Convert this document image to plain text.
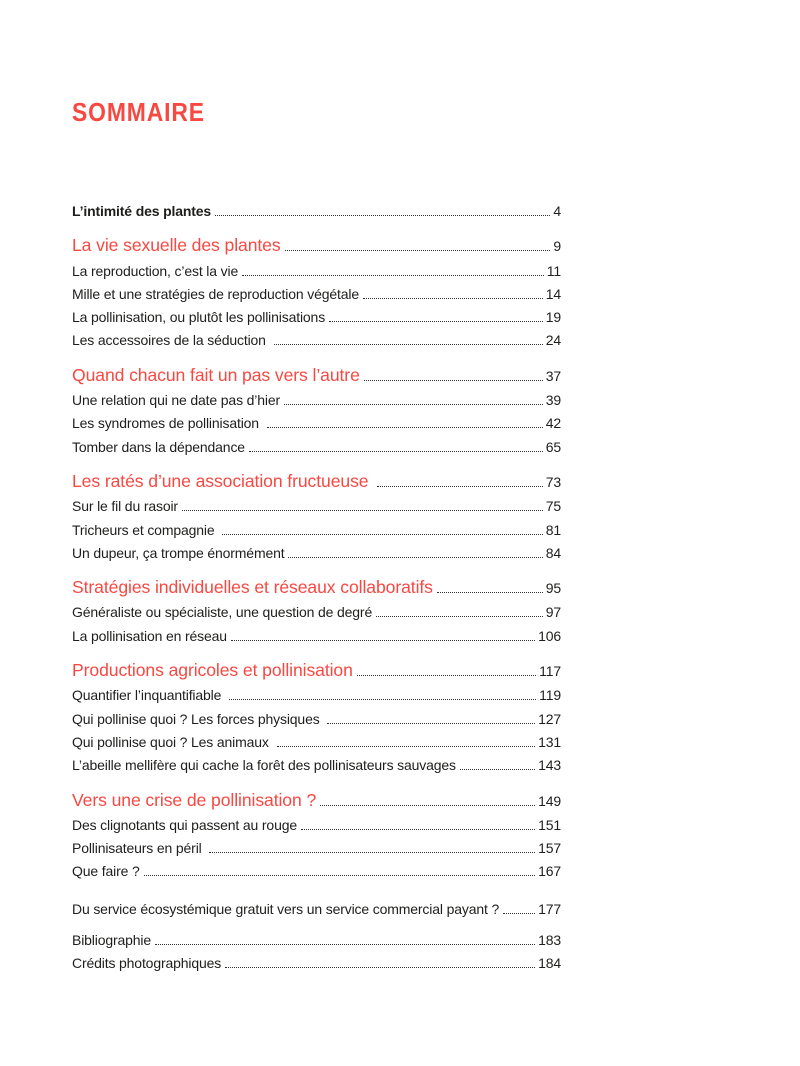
SOMMAIRE
L’intimité des plantes	4
La vie sexuelle des plantes	9
La reproduction, c’est la vie	11
Mille et une stratégies de reproduction végétale	14
La pollinisation, ou plutôt les pollinisations	19
Les accessoires de la séduction	24
Quand chacun fait un pas vers l’autre	37
Une relation qui ne date pas d’hier	39
Les syndromes de pollinisation	42
Tomber dans la dépendance	65
Les ratés d’une association fructueuse	73
Sur le fil du rasoir	75
Tricheurs et compagnie	81
Un dupeur, ça trompe énormément	84
Stratégies individuelles et réseaux collaboratifs	95
Généraliste ou spécialiste, une question de degré	97
La pollinisation en réseau	106
Productions agricoles et pollinisation	117
Quantifier l’inquantifiable	119
Qui pollinise quoi ? Les forces physiques	127
Qui pollinise quoi ? Les animaux	131
L’abeille mellifère qui cache la forêt des pollinisateurs sauvages	143
Vers une crise de pollinisation ?	149
Des clignotants qui passent au rouge	151
Pollinisateurs en péril	157
Que faire ?	167
Du service écosystémique gratuit vers un service commercial payant ?	177
Bibliographie	183
Crédits photographiques	184
